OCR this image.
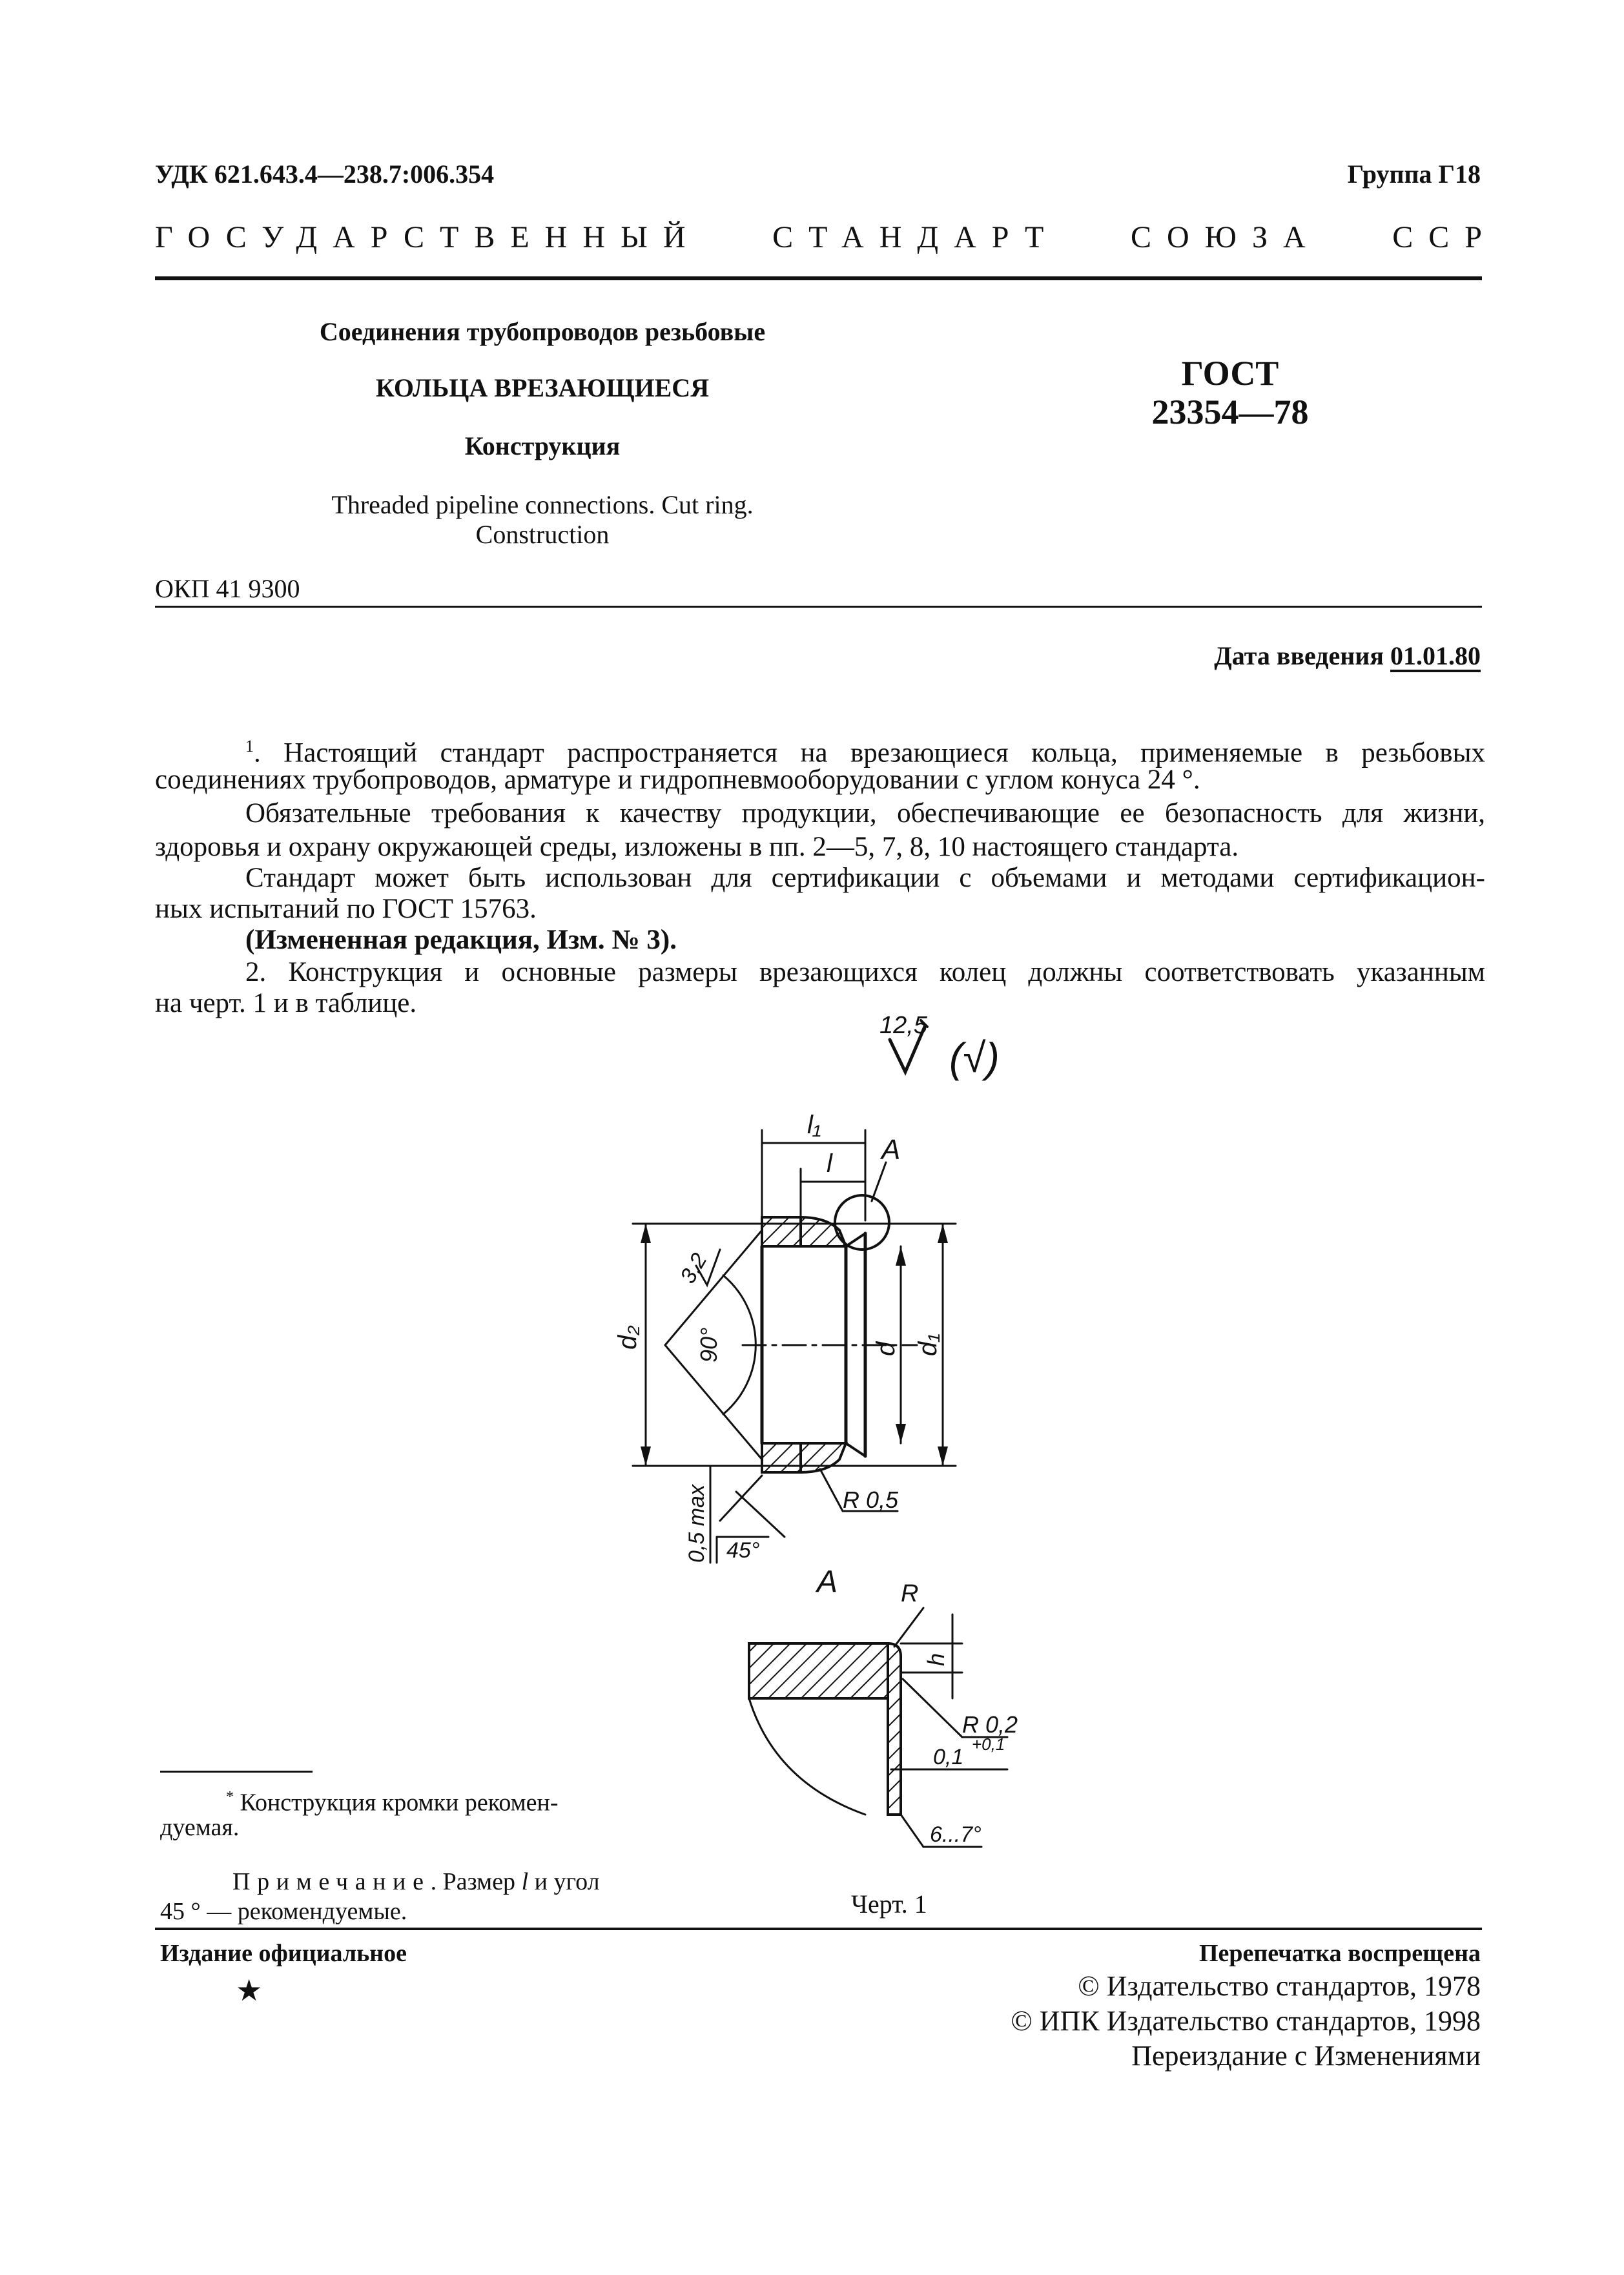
УДК 621.643.4—238.7:006.354	Группа Г18
ГОСУДАРСТВЕННЫЙ СТАНДАРТ СОЮЗА ССР
Соединения трубопроводов резьбовые
КОЛЬЦА ВРЕЗАЮЩИЕСЯ
Конструкция
Threaded pipeline connections. Cut ring.
Construction
ГОСТ
23354—78
ОКП 41 9300
Дата введения 01.01.80
$^1$. Настоящий стандарт распространяется на врезающиеся кольца, применяемые в резьбовых
соединениях трубопроводов, арматуре и гидропневмооборудовании с углом конуса 24 °.
Обязательные требования к качеству продукции, обеспечивающие ее безопасность для жизни,
здоровья и охрану окружающей среды, изложены в пп. 2—5, 7, 8, 10 настоящего стандарта.
Стандарт может быть использован для сертификации с объемами и методами сертификацион-
ных испытаний по ГОСТ 15763.
(Измененная редакция, Изм. № 3).
2. Конструкция и основные размеры врезающихся колец должны соответствовать указанным
на черт. 1 и в таблице.
12,5
(√)
l₁
l A
d₂	d d₁
3,2
90°
R 0,5
0,5 max 45°
A	R
h
R 0,2
0,1
+0,1
6...7°
Черт. 1
* Конструкция кромки рекомен-
дуемая.
Примечание. Размер l и угол
45 ° — рекомендуемые.
Издание официальное
★
Перепечатка воспрещена
© Издательство стандартов, 1978
© ИПК Издательство стандартов, 1998
Переиздание с Изменениями
